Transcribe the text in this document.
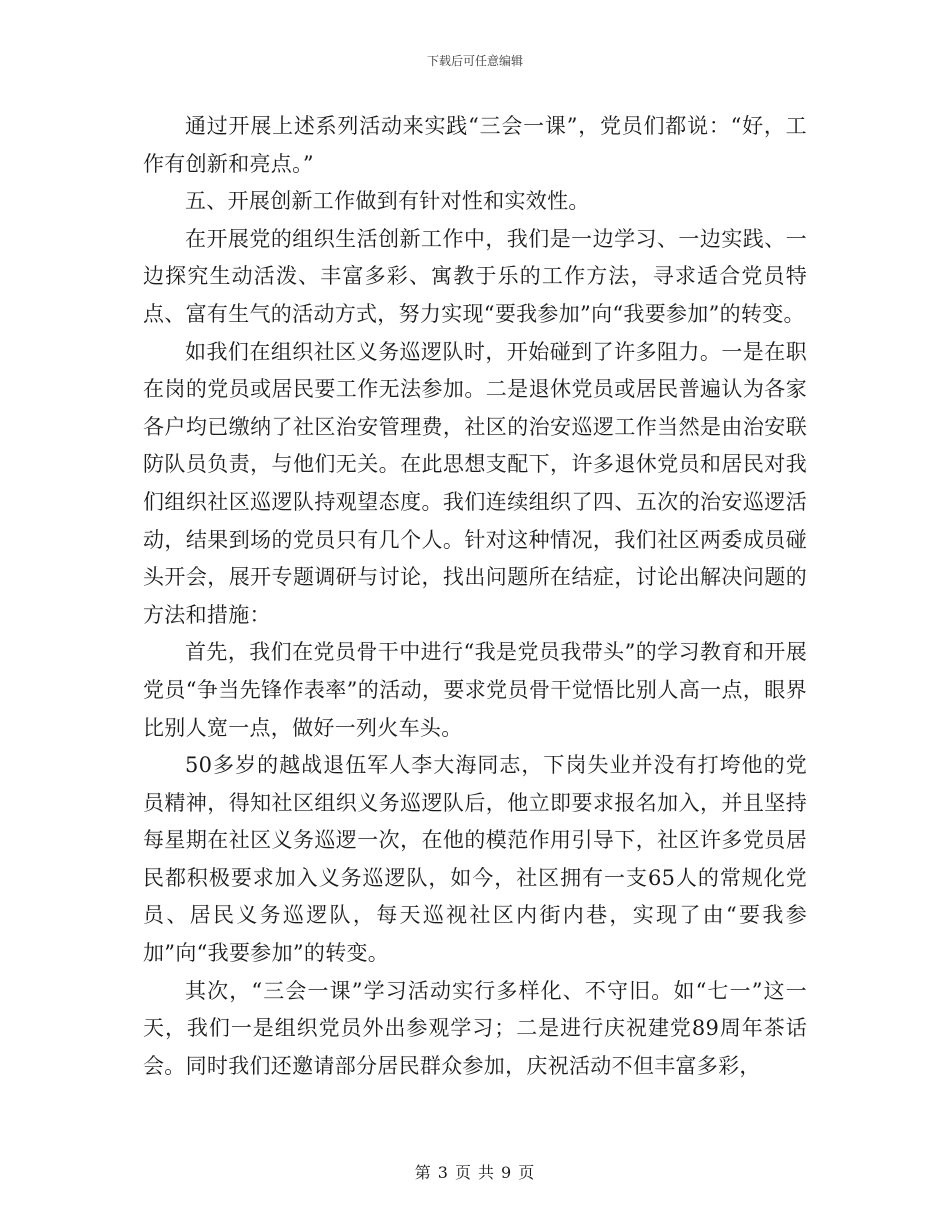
下载后可任意编辑

通过开展上述系列活动来实践“三会一课”，党员们都说：“好，工作有创新和亮点。”

五、开展创新工作做到有针对性和实效性。

在开展党的组织生活创新工作中，我们是一边学习、一边实践、一边探究生动活泼、丰富多彩、寓教于乐的工作方法，寻求适合党员特点、富有生气的活动方式，努力实现“要我参加”向“我要参加”的转变。

如我们在组织社区义务巡逻队时，开始碰到了许多阻力。一是在职在岗的党员或居民要工作无法参加。二是退休党员或居民普遍认为各家各户均已缴纳了社区治安管理费，社区的治安巡逻工作当然是由治安联防队员负责，与他们无关。在此思想支配下，许多退休党员和居民对我们组织社区巡逻队持观望态度。我们连续组织了四、五次的治安巡逻活动，结果到场的党员只有几个人。针对这种情况，我们社区两委成员碰头开会，展开专题调研与讨论，找出问题所在结症，讨论出解决问题的方法和措施：

首先，我们在党员骨干中进行“我是党员我带头”的学习教育和开展党员“争当先锋作表率”的活动，要求党员骨干觉悟比别人高一点，眼界比别人宽一点，做好一列火车头。

50多岁的越战退伍军人李大海同志，下岗失业并没有打垮他的党员精神，得知社区组织义务巡逻队后，他立即要求报名加入，并且坚持每星期在社区义务巡逻一次，在他的模范作用引导下，社区许多党员居民都积极要求加入义务巡逻队，如今，社区拥有一支65人的常规化党员、居民义务巡逻队，每天巡视社区内街内巷，实现了由“要我参加”向“我要参加”的转变。

其次，“三会一课”学习活动实行多样化、不守旧。如“七一”这一天，我们一是组织党员外出参观学习；二是进行庆祝建党89周年茶话会。同时我们还邀请部分居民群众参加，庆祝活动不但丰富多彩，

第 3 页 共 9 页
